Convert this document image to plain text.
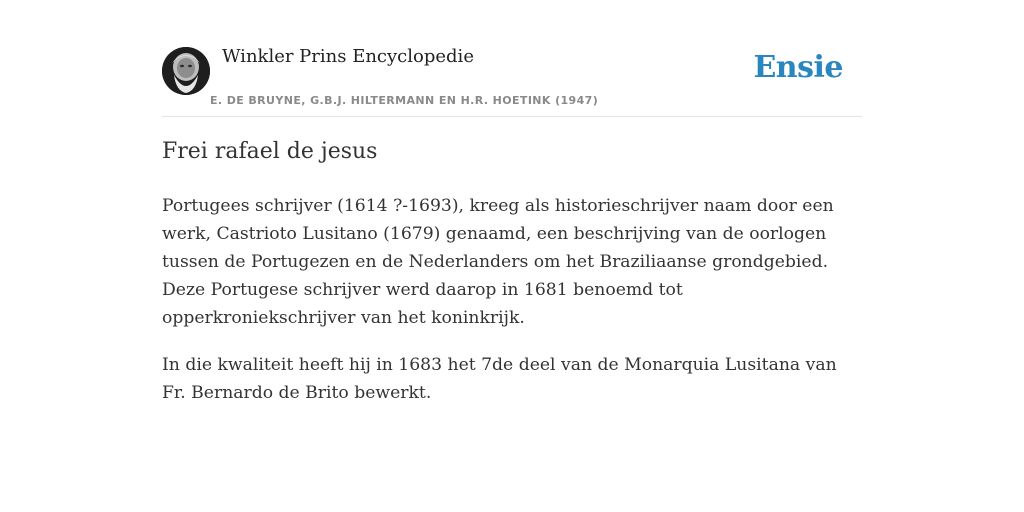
Winkler Prins Encyclopedie
E. DE BRUYNE, G.B.J. HILTERMANN EN H.R. HOETINK (1947)
Ensie
Frei rafael de jesus

Portugees schrijver (1614 ?-1693), kreeg als historieschrijver naam door een werk, Castrioto Lusitano (1679) genaamd, een beschrijving van de oorlogen tussen de Portugezen en de Nederlanders om het Braziliaanse grondgebied. Deze Portugese schrijver werd daarop in 1681 benoemd tot opperkroniekschrijver van het koninkrijk.

In die kwaliteit heeft hij in 1683 het 7de deel van de Monarquia Lusitana van Fr. Bernardo de Brito bewerkt.
